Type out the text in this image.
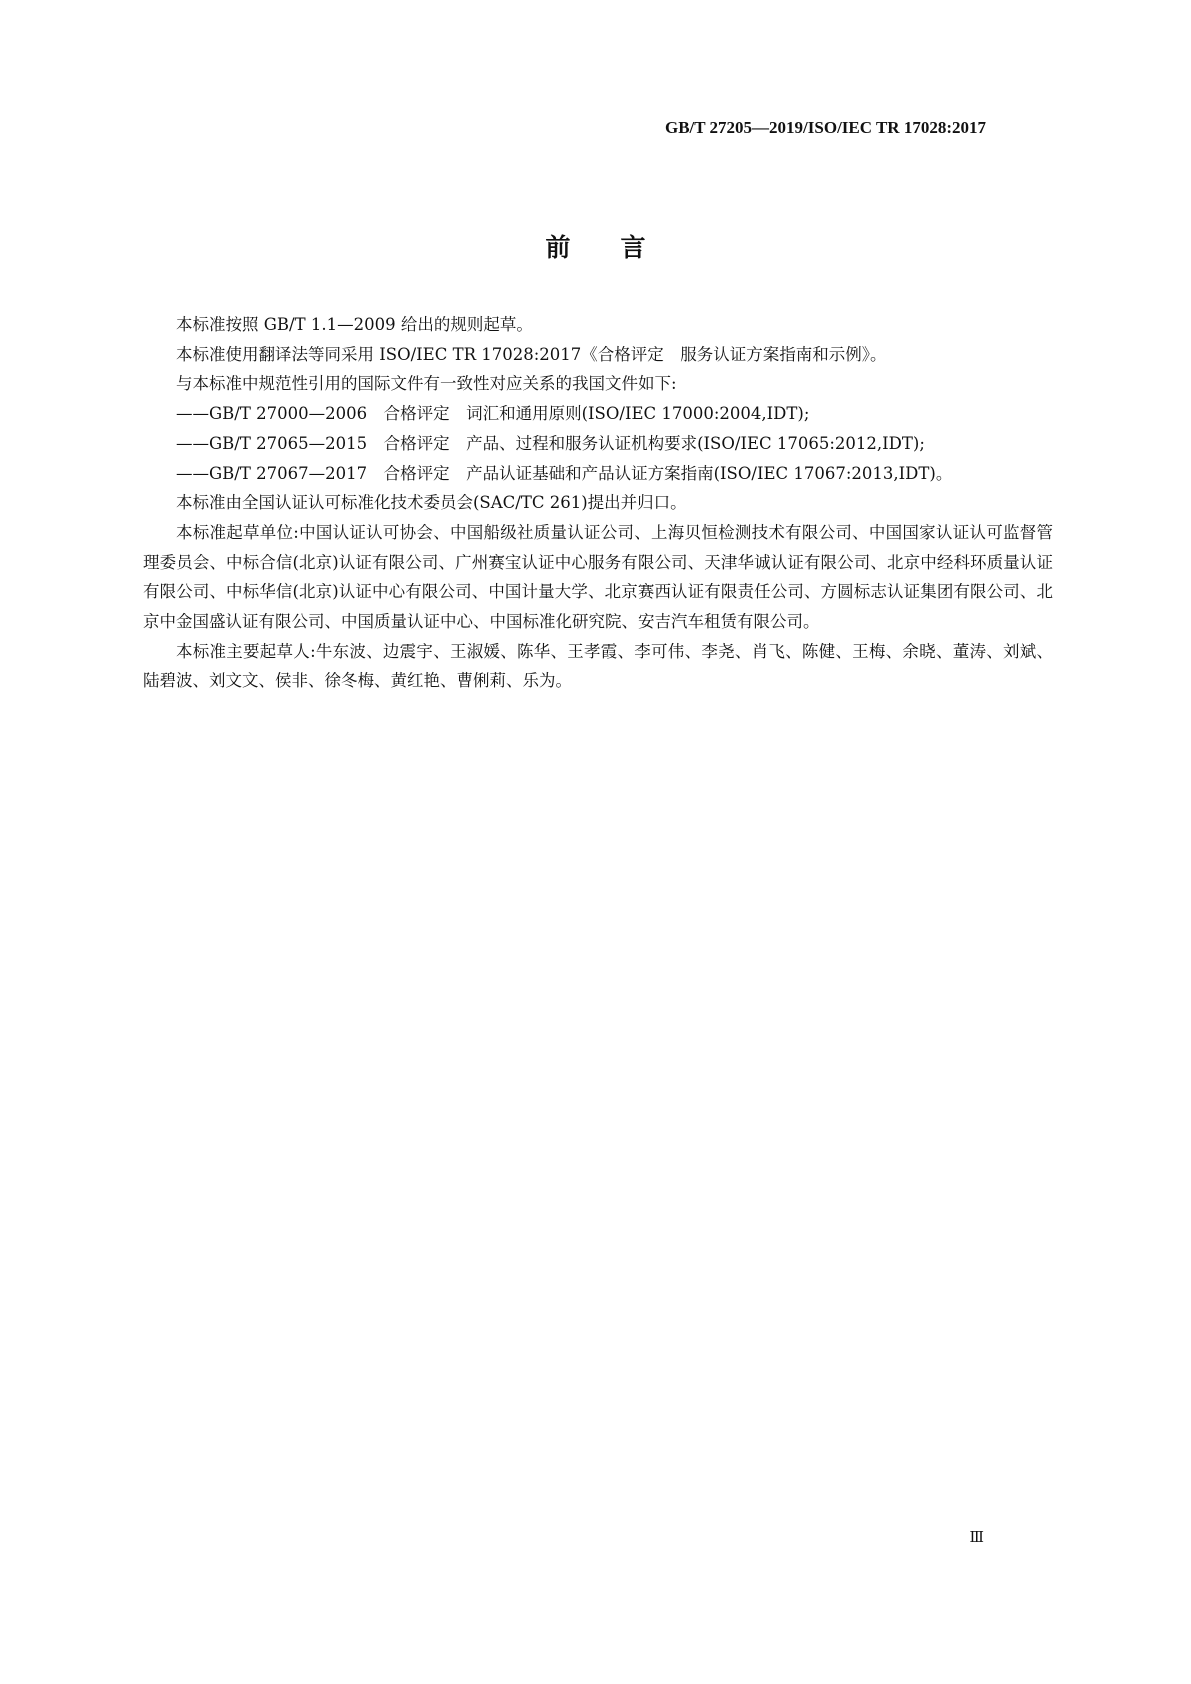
GB/T 27205—2019/ISO/IEC TR 17028:2017
前言

本标准按照 GB/T 1.1—2009 给出的规则起草。

本标准使用翻译法等同采用 ISO/IEC TR 17028:2017《合格评定　服务认证方案指南和示例》。

与本标准中规范性引用的国际文件有一致性对应关系的我国文件如下:

——GB/T 27000—2006　合格评定　词汇和通用原则(ISO/IEC 17000:2004,IDT);

——GB/T 27065—2015　合格评定　产品、过程和服务认证机构要求(ISO/IEC 17065:2012,IDT);

——GB/T 27067—2017　合格评定　产品认证基础和产品认证方案指南(ISO/IEC 17067:2013,IDT)。

本标准由全国认证认可标准化技术委员会(SAC/TC 261)提出并归口。

本标准起草单位:中国认证认可协会、中国船级社质量认证公司、上海贝恒检测技术有限公司、中国国家认证认可监督管理委员会、中标合信(北京)认证有限公司、广州赛宝认证中心服务有限公司、天津华诚认证有限公司、北京中经科环质量认证有限公司、中标华信(北京)认证中心有限公司、中国计量大学、北京赛西认证有限责任公司、方圆标志认证集团有限公司、北京中金国盛认证有限公司、中国质量认证中心、中国标准化研究院、安吉汽车租赁有限公司。

本标准主要起草人:牛东波、边震宇、王淑媛、陈华、王孝霞、李可伟、李尧、肖飞、陈健、王梅、余晓、董涛、刘斌、陆碧波、刘文文、侯非、徐冬梅、黄红艳、曹俐莉、乐为。

Ⅲ
